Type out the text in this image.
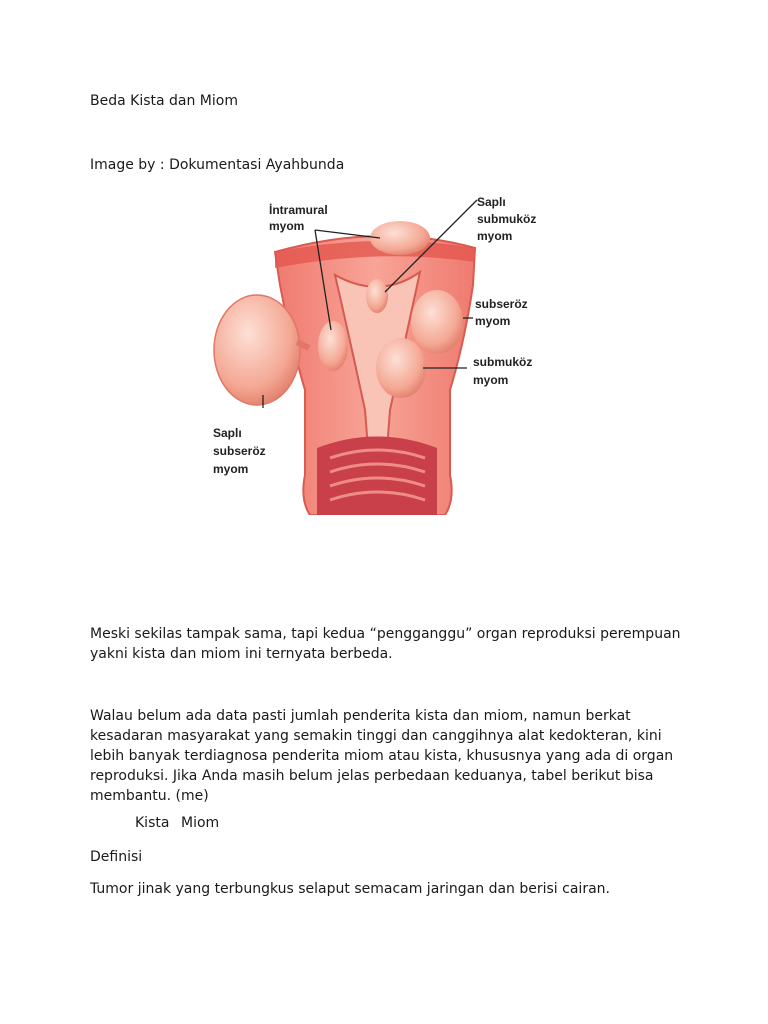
Beda Kista dan Miom
Image by : Dokumentasi Ayahbunda
İntramural
myom
Saplı
submuköz
myom
subseröz
myom
submuköz
myom
Saplı
subseröz
myom
Meski sekilas tampak sama, tapi kedua “pengganggu” organ reproduksi perempuan yakni kista dan miom ini ternyata berbeda.
Walau belum ada data pasti jumlah penderita kista dan miom, namun berkat kesadaran masyarakat yang semakin tinggi dan canggihnya alat kedokteran, kini lebih banyak terdiagnosa penderita miom atau kista, khususnya yang ada di organ reproduksi. Jika Anda masih belum jelas perbedaan keduanya, tabel berikut bisa membantu. (me)
Kista Miom
Definisi
Tumor jinak yang terbungkus selaput semacam jaringan dan berisi cairan.
